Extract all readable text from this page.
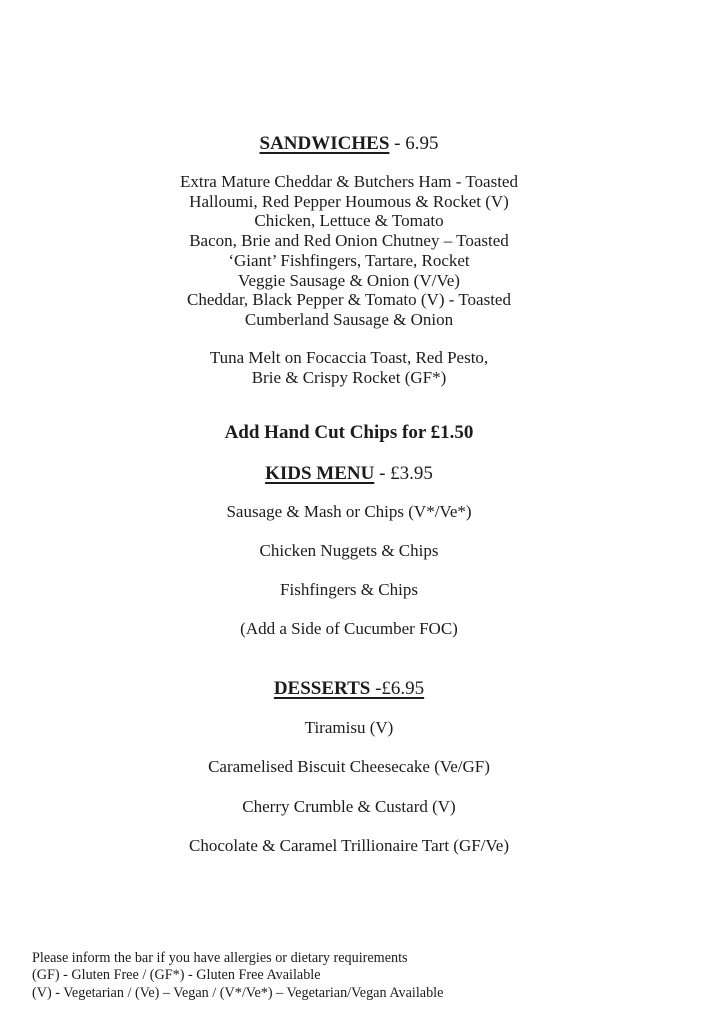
SANDWICHES - 6.95
Extra Mature Cheddar & Butchers Ham - Toasted
Halloumi, Red Pepper Houmous & Rocket (V)
Chicken, Lettuce & Tomato
Bacon, Brie and Red Onion Chutney – Toasted
‘Giant’ Fishfingers, Tartare, Rocket
Veggie Sausage & Onion (V/Ve)
Cheddar, Black Pepper & Tomato (V) - Toasted
Cumberland Sausage & Onion
Tuna Melt on Focaccia Toast, Red Pesto,
Brie & Crispy Rocket (GF*)
Add Hand Cut Chips for £1.50
KIDS MENU - £3.95
Sausage & Mash or Chips (V*/Ve*)
Chicken Nuggets & Chips
Fishfingers & Chips
(Add a Side of Cucumber FOC)
DESSERTS -£6.95
Tiramisu (V)
Caramelised Biscuit Cheesecake (Ve/GF)
Cherry Crumble & Custard (V)
Chocolate & Caramel Trillionaire Tart (GF/Ve)
Please inform the bar if you have allergies or dietary requirements
(GF) - Gluten Free / (GF*) - Gluten Free Available
(V) - Vegetarian / (Ve) – Vegan / (V*/Ve*) – Vegetarian/Vegan Available
